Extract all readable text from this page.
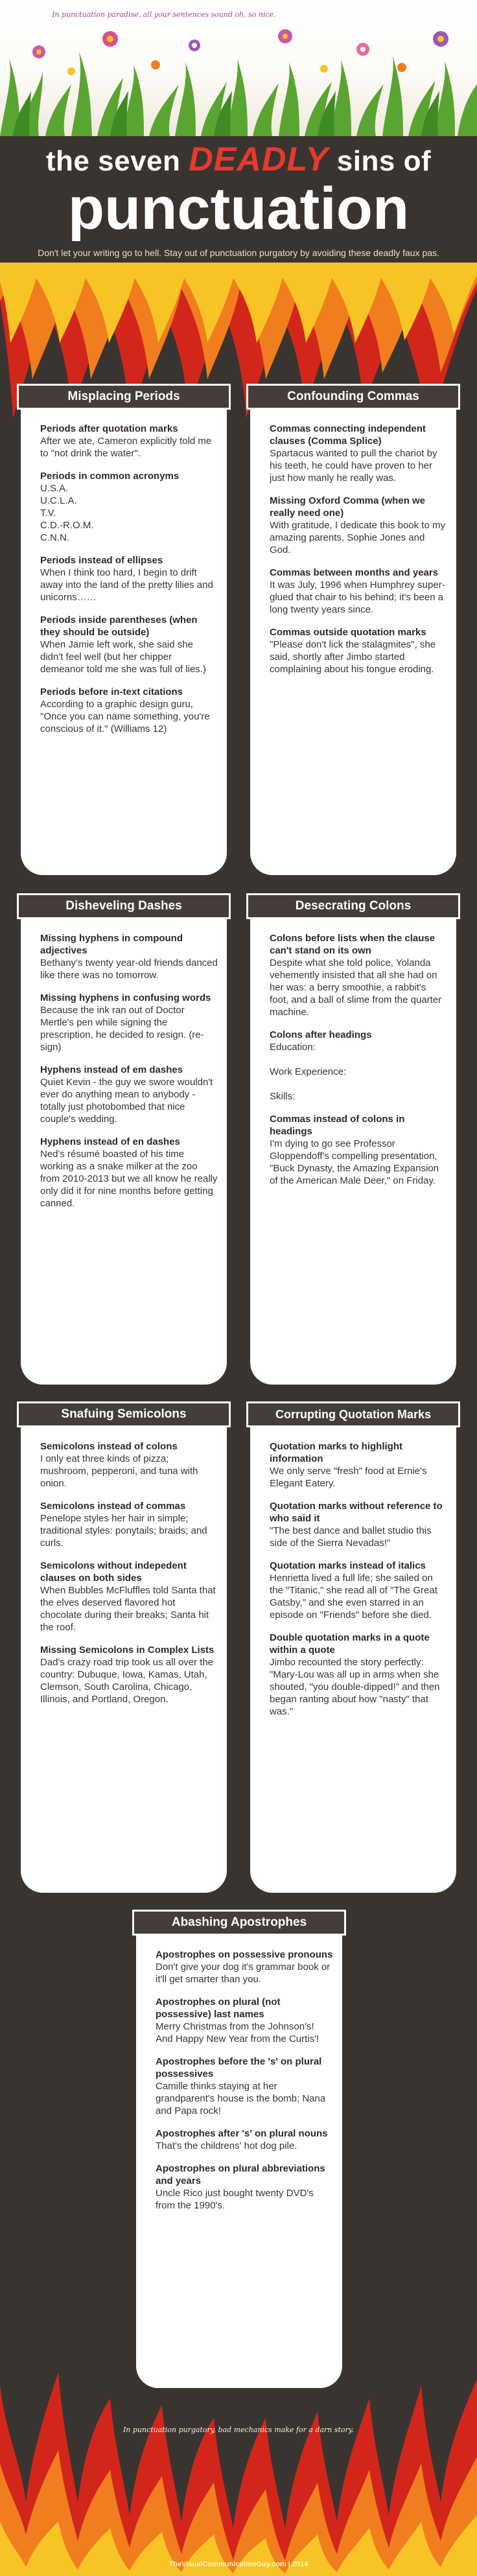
In punctuation paradise, all your sentences sound oh, so nice.
the seven DEADLY sins of
punctuation
Don't let your writing go to hell. Stay out of punctuation purgatory by avoiding these deadly faux pas.
Misplacing Periods
Periods after quotation marks
After we ate, Cameron explicitly told me to "not drink the water".
Periods in common acronyms
U.S.A.
U.C.L.A.
T.V.
C.D.-R.O.M.
C.N.N.
Periods instead of ellipses
When I think too hard, I begin to drift away into the land of the pretty lilies and unicorns……
Periods inside parentheses (when they should be outside)
When Jamie left work, she said she didn't feel well (but her chipper demeanor told me she was full of lies.)
Periods before in-text citations
According to a graphic design guru, "Once you can name something, you're conscious of it." (Williams 12)
Confounding Commas
Commas connecting independent clauses (Comma Splice)
Spartacus wanted to pull the chariot by his teeth, he could have proven to her just how manly he really was.
Missing Oxford Comma (when we really need one)
With gratitude, I dedicate this book to my amazing parents, Sophie Jones and God.
Commas between months and years
It was July, 1996 when Humphrey super-glued that chair to his behind; it's been a long twenty years since.
Commas outside quotation marks
"Please don't lick the stalagmites", she said, shortly after Jimbo started complaining about his tongue eroding.
Disheveling Dashes
Missing hyphens in compound adjectives
Bethany's twenty year-old friends danced like there was no tomorrow.
Missing hyphens in confusing words
Because the ink ran out of Doctor Mertle's pen while signing the prescription, he decided to resign. (re-sign)
Hyphens instead of em dashes
Quiet Kevin - the guy we swore wouldn't ever do anything mean to anybody - totally just photobombed that nice couple's wedding.
Hyphens instead of en dashes
Ned's résumé boasted of his time working as a snake milker at the zoo from 2010-2013 but we all know he really only did it for nine months before getting canned.
Desecrating Colons
Colons before lists when the clause can't stand on its own
Despite what she told police, Yolanda vehemently insisted that all she had on her was: a berry smoothie, a rabbit's foot, and a ball of slime from the quarter machine.
Colons after headings
Education:
Work Experience:
Skills:
Commas instead of colons in headings
I'm dying to go see Professor Gloppendoff's compelling presentation, "Buck Dynasty, the Amazing Expansion of the American Male Deer," on Friday.
Snafuing Semicolons
Semicolons instead of colons
I only eat three kinds of pizza; mushroom, pepperoni, and tuna with onion.
Semicolons instead of commas
Penelope styles her hair in simple; traditional styles: ponytails; braids; and curls.
Semicolons without indepedent clauses on both sides
When Bubbles McFluffles told Santa that the elves deserved flavored hot chocolate during their breaks; Santa hit the roof.
Missing Semicolons in Complex Lists
Dad's crazy road trip took us all over the country: Dubuque, Iowa, Kamas, Utah, Clemson, South Carolina, Chicago, Illinois, and Portland, Oregon.
Corrupting Quotation Marks
Quotation marks to highlight information
We only serve "fresh" food at Ernie's Elegant Eatery.
Quotation marks without reference to who said it
"The best dance and ballet studio this side of the Sierra Nevadas!"
Quotation marks instead of italics
Henrietta lived a full life; she sailed on the "Titanic," she read all of "The Great Gatsby," and she even starred in an episode on "Friends" before she died.
Double quotation marks in a quote within a quote
Jimbo recounted the story perfectly: "Mary-Lou was all up in arms when she shouted, "you double-dipped!" and then began ranting about how "nasty" that was."
Abashing Apostrophes
Apostrophes on possessive pronouns
Don't give your dog it's grammar book or it'll get smarter than you.
Apostrophes on plural (not possessive) last names
Merry Christmas from the Johnson's! And Happy New Year from the Curtis'!
Apostrophes before the 's' on plural possessives
Camille thinks staying at her grandparent's house is the bomb; Nana and Papa rock!
Apostrophes after 's' on plural nouns
That's the childrens' hot dog pile.
Apostrophes on plural abbreviations and years
Uncle Rico just bought twenty DVD's from the 1990's.
In punctuation purgatory, bad mechanics make for a darn story.
TheVisualCommunicationGuy.com | 2014
